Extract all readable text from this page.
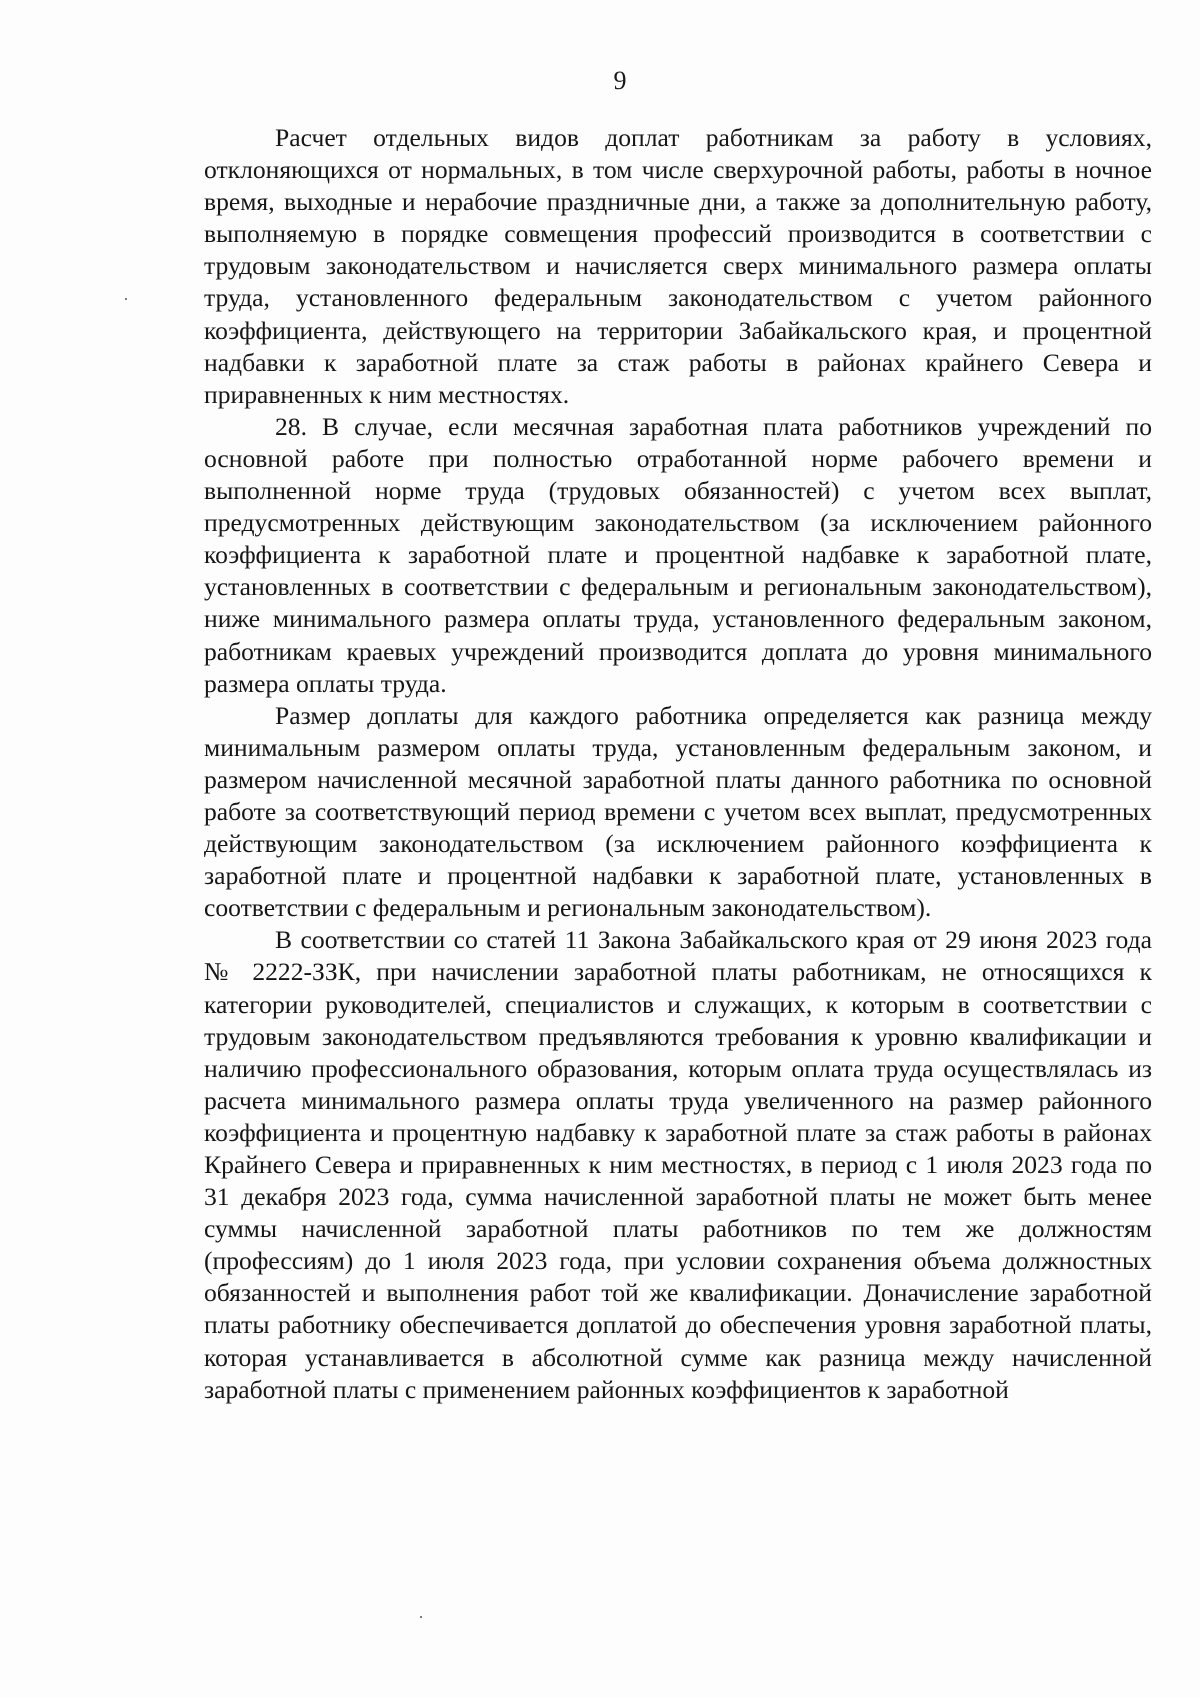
9

Расчет отдельных видов доплат работникам за работу в условиях, отклоняющихся от нормальных, в том числе сверхурочной работы, работы в ночное время, выходные и нерабочие праздничные дни, а также за дополнительную работу, выполняемую в порядке совмещения профессий производится в соответствии с трудовым законодательством и начисляется сверх минимального размера оплаты труда, установленного федеральным законодательством с учетом районного коэффициента, действующего на территории Забайкальского края, и процентной надбавки к заработной плате за стаж работы в районах крайнего Севера и приравненных к ним местностях.

28. В случае, если месячная заработная плата работников учреждений по основной работе при полностью отработанной норме рабочего времени и выполненной норме труда (трудовых обязанностей) с учетом всех выплат, предусмотренных действующим законодательством (за исключением районного коэффициента к заработной плате и процентной надбавке к заработной плате, установленных в соответствии с федеральным и региональным законодательством), ниже минимального размера оплаты труда, установленного федеральным законом, работникам краевых учреждений производится доплата до уровня минимального размера оплаты труда.

Размер доплаты для каждого работника определяется как разница между минимальным размером оплаты труда, установленным федеральным законом, и размером начисленной месячной заработной платы данного работника по основной работе за соответствующий период времени с учетом всех выплат, предусмотренных действующим законодательством (за исключением районного коэффициента к заработной плате и процентной надбавки к заработной плате, установленных в соответствии с федеральным и региональным законодательством).

В соответствии со статей 11 Закона Забайкальского края от 29 июня 2023 года № 2222-ЗЗК, при начислении заработной платы работникам, не относящихся к категории руководителей, специалистов и служащих, к которым в соответствии с трудовым законодательством предъявляются требования к уровню квалификации и наличию профессионального образования, которым оплата труда осуществлялась из расчета минимального размера оплаты труда увеличенного на размер районного коэффициента и процентную надбавку к заработной плате за стаж работы в районах Крайнего Севера и приравненных к ним местностях, в период с 1 июля 2023 года по 31 декабря 2023 года, сумма начисленной заработной платы не может быть менее суммы начисленной заработной платы работников по тем же должностям (профессиям) до 1 июля 2023 года, при условии сохранения объема должностных обязанностей и выполнения работ той же квалификации. Доначисление заработной платы работнику обеспечивается доплатой до обеспечения уровня заработной платы, которая устанавливается в абсолютной сумме как разница между начисленной заработной платы с применением районных коэффициентов к заработной
